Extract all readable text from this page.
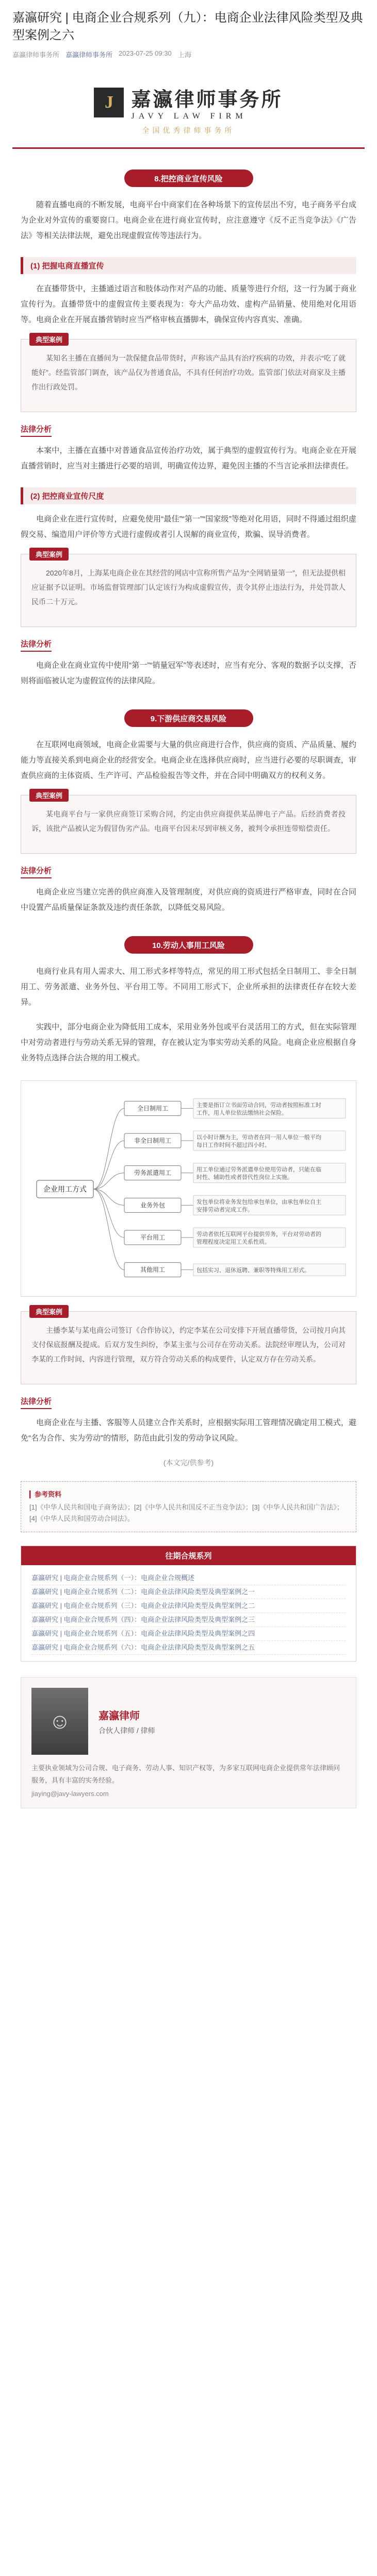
嘉瀛研究 | 电商企业合规系列（九）：电商企业法律风险类型及典型案例之六
嘉瀛律师事务所 嘉瀛律师事务所 2023-07-25 09:30 上海
J 嘉瀛律师事务所
JAVY LAW FIRM
全国优秀律师事务所
8.把控商业宣传风险

随着直播电商的不断发展，电商平台中商家们在各种场景下的宣传层出不穷，电子商务平台成为企业对外宣传的重要窗口。电商企业在进行商业宣传时，应注意遵守《反不正当竞争法》《广告法》等相关法律法规，避免出现虚假宣传等违法行为。

(1) 把握电商直播宣传

在直播带货中，主播通过语言和肢体动作对产品的功能、质量等进行介绍，这一行为属于商业宣传行为。直播带货中的虚假宣传主要表现为：夸大产品功效、虚构产品销量、使用绝对化用语等。电商企业在开展直播营销时应当严格审核直播脚本，确保宣传内容真实、准确。

典型案例

某知名主播在直播间为一款保健食品带货时，声称该产品具有治疗疾病的功效，并表示“吃了就能好”。经监管部门调查，该产品仅为普通食品，不具有任何治疗功效。监管部门依法对商家及主播作出行政处罚。

法律分析

本案中，主播在直播中对普通食品宣传治疗功效，属于典型的虚假宣传行为。电商企业在开展直播营销时，应当对主播进行必要的培训，明确宣传边界，避免因主播的不当言论承担法律责任。

(2) 把控商业宣传尺度

电商企业在进行宣传时，应避免使用“最佳”“第一”“国家级”等绝对化用语，同时不得通过组织虚假交易、编造用户评价等方式进行虚假或者引人误解的商业宣传，欺骗、误导消费者。

典型案例

2020年8月，上海某电商企业在其经营的网店中宣称所售产品为“全网销量第一”，但无法提供相应证据予以证明。市场监督管理部门认定该行为构成虚假宣传，责令其停止违法行为，并处罚款人民币二十万元。

法律分析

电商企业在商业宣传中使用“第一”“销量冠军”等表述时，应当有充分、客观的数据予以支撑，否则将面临被认定为虚假宣传的法律风险。

9.下游供应商交易风险

在互联网电商领域，电商企业需要与大量的供应商进行合作，供应商的资质、产品质量、履约能力等直接关系到电商企业的经营安全。电商企业在选择供应商时，应当进行必要的尽职调查，审查供应商的主体资质、生产许可、产品检验报告等文件，并在合同中明确双方的权利义务。

典型案例

某电商平台与一家供应商签订采购合同，约定由供应商提供某品牌电子产品。后经消费者投诉，该批产品被认定为假冒伪劣产品。电商平台因未尽到审核义务，被判令承担连带赔偿责任。

法律分析

电商企业应当建立完善的供应商准入及管理制度，对供应商的资质进行严格审查，同时在合同中设置产品质量保证条款及违约责任条款，以降低交易风险。

10.劳动人事用工风险

电商行业具有用人需求大、用工形式多样等特点，常见的用工形式包括全日制用工、非全日制用工、劳务派遣、业务外包、平台用工等。不同用工形式下，企业所承担的法律责任存在较大差异。

实践中，部分电商企业为降低用工成本，采用业务外包或平台灵活用工的方式，但在实际管理中对劳动者进行与劳动关系无异的管理，存在被认定为事实劳动关系的风险。电商企业应根据自身业务特点选择合法合规的用工模式。

企业用工方式
全日制用工	主要是指订立书面劳动合同，劳动者按照标准工时
工作，用人单位依法缴纳社会保险。
非全日制用工	以小时计酬为主，劳动者在同一用人单位一般平均
每日工作时间不超过四小时。
劳务派遣用工	用工单位通过劳务派遣单位使用劳动者，只能在临
时性、辅助性或者替代性岗位上实施。
业务外包	发包单位将业务发包给承包单位，由承包单位自主
安排劳动者完成工作。
平台用工	劳动者依托互联网平台提供劳务，平台对劳动者的
管理程度决定用工关系性质。
其他用工	包括实习、退休返聘、兼职等特殊用工形式。
典型案例

主播李某与某电商公司签订《合作协议》，约定李某在公司安排下开展直播带货，公司按月向其支付保底报酬及提成。后双方发生纠纷，李某主张与公司存在劳动关系。法院经审理认为，公司对李某的工作时间、内容进行管理，双方符合劳动关系的构成要件，认定双方存在劳动关系。

法律分析

电商企业在与主播、客服等人员建立合作关系时，应根据实际用工管理情况确定用工模式，避免“名为合作、实为劳动”的情形，防范由此引发的劳动争议风险。

(本文完/供参考)
▎参考资料
[1]《中华人民共和国电子商务法》；[2]《中华人民共和国反不正当竞争法》；[3]《中华人民共和国广告法》；[4]《中华人民共和国劳动合同法》。
往期合规系列
嘉瀛研究 | 电商企业合规系列（一）：电商企业合规概述
嘉瀛研究 | 电商企业合规系列（二）：电商企业法律风险类型及典型案例之一
嘉瀛研究 | 电商企业合规系列（三）：电商企业法律风险类型及典型案例之二
嘉瀛研究 | 电商企业合规系列（四）：电商企业法律风险类型及典型案例之三
嘉瀛研究 | 电商企业合规系列（五）：电商企业法律风险类型及典型案例之四
嘉瀛研究 | 电商企业合规系列（六）：电商企业法律风险类型及典型案例之五
☺	嘉瀛律师
合伙人律师 / 律师
主要执业领域为公司合规、电子商务、劳动人事、知识产权等，为多家互联网电商企业提供常年法律顾问服务，具有丰富的实务经验。
jiaying@javy-lawyers.com
